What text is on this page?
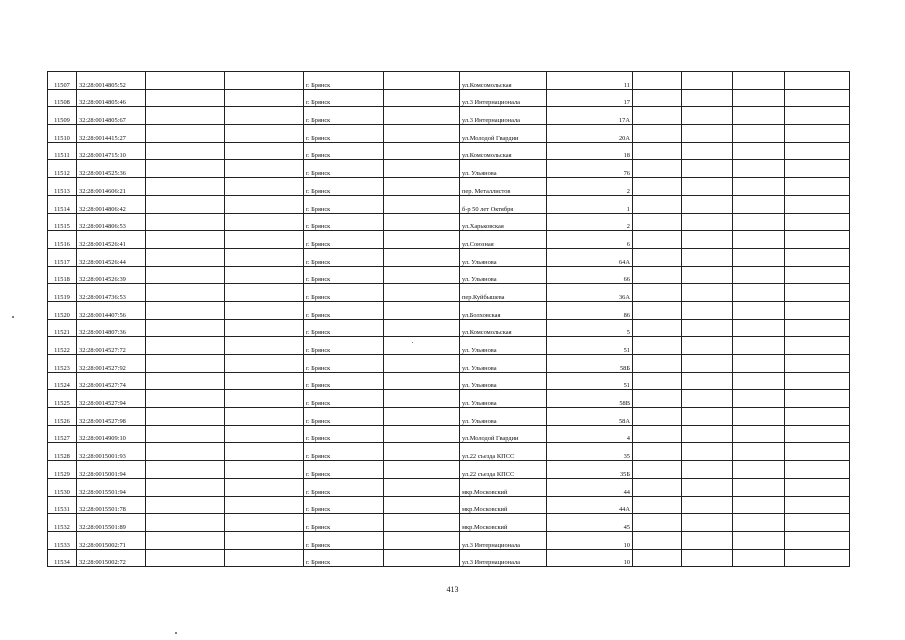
11507	32:28:0014805:52			г. Брянск		ул.Комсомольская	11				
11508	32:28:0014805:46			г. Брянск		ул.3 Интернационала	17				
11509	32:28:0014805:67			г. Брянск		ул.3 Интернационала	17А				
11510	32:28:0014415:27			г. Брянск		ул.Молодой Гвардии	20А				
11511	32:28:0014715:10			г. Брянск		ул.Комсомольская	18				
11512	32:28:0014525:36			г. Брянск		ул. Ульянова	76				
11513	32:28:0014606:21			г. Брянск		пер. Металлистов	2				
11514	32:28:0014806:42			г. Брянск		б-р 50 лет Октября	1				
11515	32:28:0014806:53			г. Брянск		ул.Харьковская	2				
11516	32:28:0014526:41			г. Брянск		ул.Союзная	6				
11517	32:28:0014526:44			г. Брянск		ул. Ульянова	64А				
11518	32:28:0014526:39			г. Брянск		ул. Ульянова	66				
11519	32:28:0014736:53			г. Брянск		пер.Куйбышева	36А				
11520	32:28:0014407:56			г. Брянск		ул.Болховская	86				
11521	32:28:0014807:36			г. Брянск		ул.Комсомольская	5				
11522	32:28:0014527:72			г. Брянск		ул. Ульянова	51				
11523	32:28:0014527:92			г. Брянск		ул. Ульянова	58Б				
11524	32:28:0014527:74			г. Брянск		ул. Ульянова	51				
11525	32:28:0014527:94			г. Брянск		ул. Ульянова	58В				
11526	32:28:0014527:98			г. Брянск		ул. Ульянова	58А				
11527	32:28:0014909:10			г. Брянск		ул.Молодой Гвардии	4				
11528	32:28:0015001:93			г. Брянск		ул.22 съезда КПСС	35				
11529	32:28:0015001:94			г. Брянск		ул.22 съезда КПСС	35Б				
11530	32:28:0015501:94			г. Брянск		мкр.Московский	44				
11531	32:28:0015501:78			г. Брянск		мкр.Московский	44А				
11532	32:28:0015501:89			г. Брянск		мкр.Московский	45				
11533	32:28:0015002:71			г. Брянск		ул.3 Интернационала	10				
11534	32:28:0015002:72			г. Брянск		ул.3 Интернационала	10				
413
